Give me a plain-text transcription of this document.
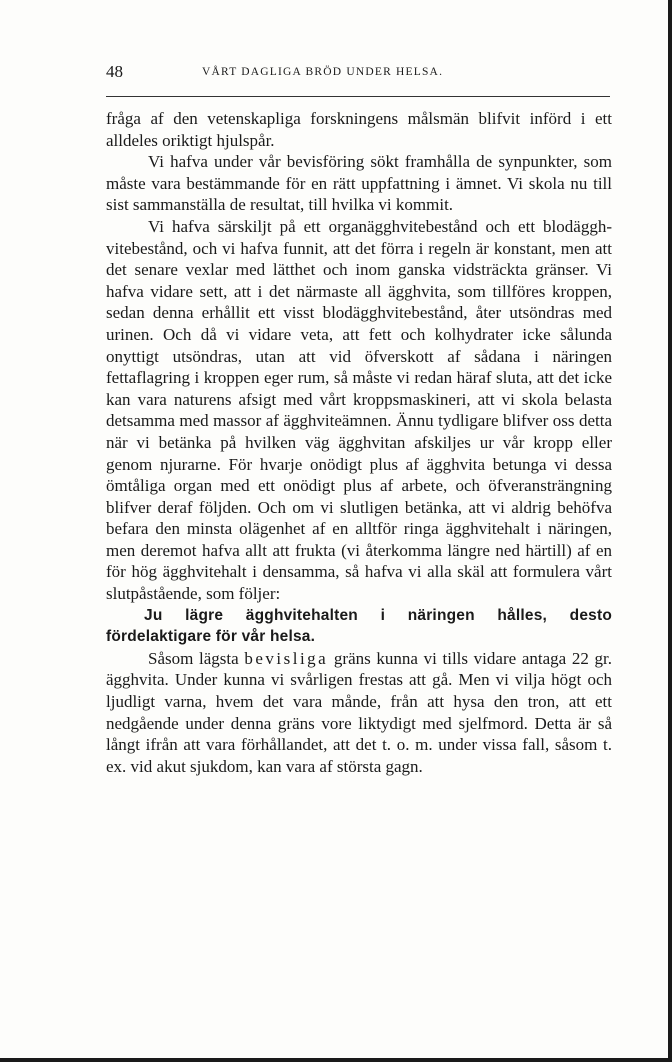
48	VÅRT DAGLIGA BRÖD UNDER HELSA.

fråga af den vetenskapliga forskningens målsmän blifvit införd i ett alldeles oriktigt hjulspår.

Vi hafva under vår bevisföring sökt framhålla de synpunkter, som måste vara bestämmande för en rätt uppfattning i ämnet. Vi skola nu till sist sammanställa de resultat, till hvilka vi kommit.

Vi hafva särskiljt på ett organägghvitebestånd och ett blodägghvitebestånd, och vi hafva funnit, att det förra i regeln är konstant, men att det senare vexlar med lätthet och inom ganska vidsträckta gränser. Vi hafva vidare sett, att i det närmaste all ägghvita, som tillföres kroppen, sedan denna erhållit ett visst blodägghvitebestånd, åter utsöndras med urinen. Och då vi vidare veta, att fett och kolhydrater icke sålunda onyttigt utsöndras, utan att vid öfverskott af sådana i näringen fettaflagring i kroppen eger rum, så måste vi redan häraf sluta, att det icke kan vara naturens afsigt med vårt kroppsmaskineri, att vi skola belasta detsamma med massor af ägghviteämnen. Ännu tydligare blifver oss detta när vi betänka på hvilken väg ägghvitan afskiljes ur vår kropp eller genom njurarne. För hvarje onödigt plus af ägghvita betunga vi dessa ömtåliga organ med ett onödigt plus af arbete, och öfveransträngning blifver deraf följden. Och om vi slutligen betänka, att vi aldrig behöfva befara den minsta olägenhet af en alltför ringa ägghvitehalt i näringen, men deremot hafva allt att frukta (vi återkomma längre ned härtill) af en för hög ägghvitehalt i densamma, så hafva vi alla skäl att formulera vårt slutpåstående, som följer:

Ju lägre ägghvitehalten i näringen hålles, desto fördelaktigare för vår helsa.

Såsom lägsta bevisliga gräns kunna vi tills vidare antaga 22 gr. ägghvita. Under kunna vi svårligen frestas att gå. Men vi vilja högt och ljudligt varna, hvem det vara månde, från att hysa den tron, att ett nedgående under denna gräns vore liktydigt med sjelfmord. Detta är så långt ifrån att vara förhållandet, att det t. o. m. under vissa fall, såsom t. ex. vid akut sjukdom, kan vara af största gagn.
